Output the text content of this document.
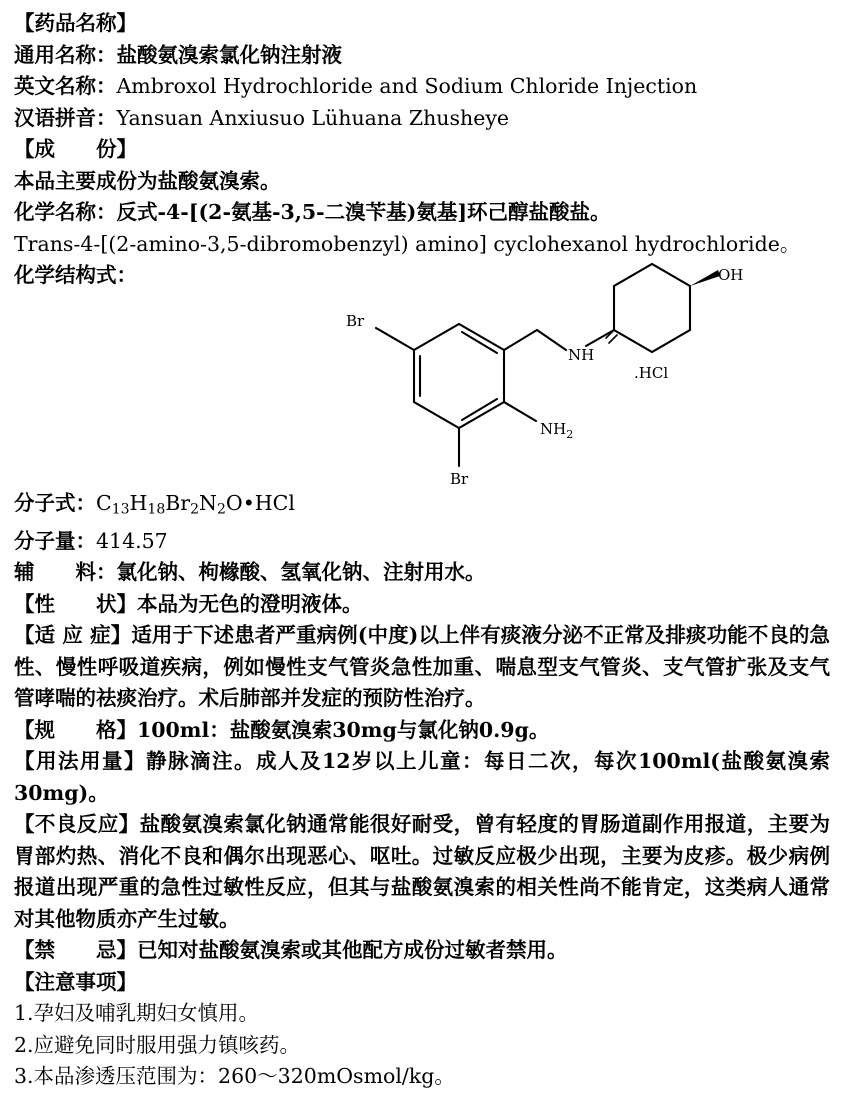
【药品名称】
通用名称：盐酸氨溴索氯化钠注射液
英文名称：Ambroxol Hydrochloride and Sodium Chloride Injection
汉语拼音：Yansuan Anxiusuo Lühuana Zhusheye
【成　　份】
本品主要成份为盐酸氨溴索。
化学名称：反式-4-[(2-氨基-3,5-二溴苄基)氨基]环己醇盐酸盐。
Trans-4-[(2-amino-3,5-dibromobenzyl) amino] cyclohexanol hydrochloride。
化学结构式：
Br
Br
NH
$NH_2$
OH
.HCl
分子式：$C_{13}H_{18}Br_2N_2O•HCl$
分子量：414.57
辅　　料：氯化钠、枸橼酸、氢氧化钠、注射用水。
【性　　状】本品为无色的澄明液体。
【适 应 症】适用于下述患者严重病例(中度)以上伴有痰液分泌不正常及排痰功能不良的急性、慢性呼吸道疾病，例如慢性支气管炎急性加重、喘息型支气管炎、支气管扩张及支气管哮喘的祛痰治疗。术后肺部并发症的预防性治疗。
【规　　格】100ml：盐酸氨溴索30mg与氯化钠0.9g。
【用法用量】静脉滴注。成人及12岁以上儿童：每日二次，每次100ml(盐酸氨溴索30mg)。
【不良反应】盐酸氨溴索氯化钠通常能很好耐受，曾有轻度的胃肠道副作用报道，主要为胃部灼热、消化不良和偶尔出现恶心、呕吐。过敏反应极少出现，主要为皮疹。极少病例报道出现严重的急性过敏性反应，但其与盐酸氨溴索的相关性尚不能肯定，这类病人通常对其他物质亦产生过敏。
【禁　　忌】已知对盐酸氨溴索或其他配方成份过敏者禁用。
【注意事项】
1.孕妇及哺乳期妇女慎用。
2.应避免同时服用强力镇咳药。
3.本品渗透压范围为：260～320mOsmol/kg。
